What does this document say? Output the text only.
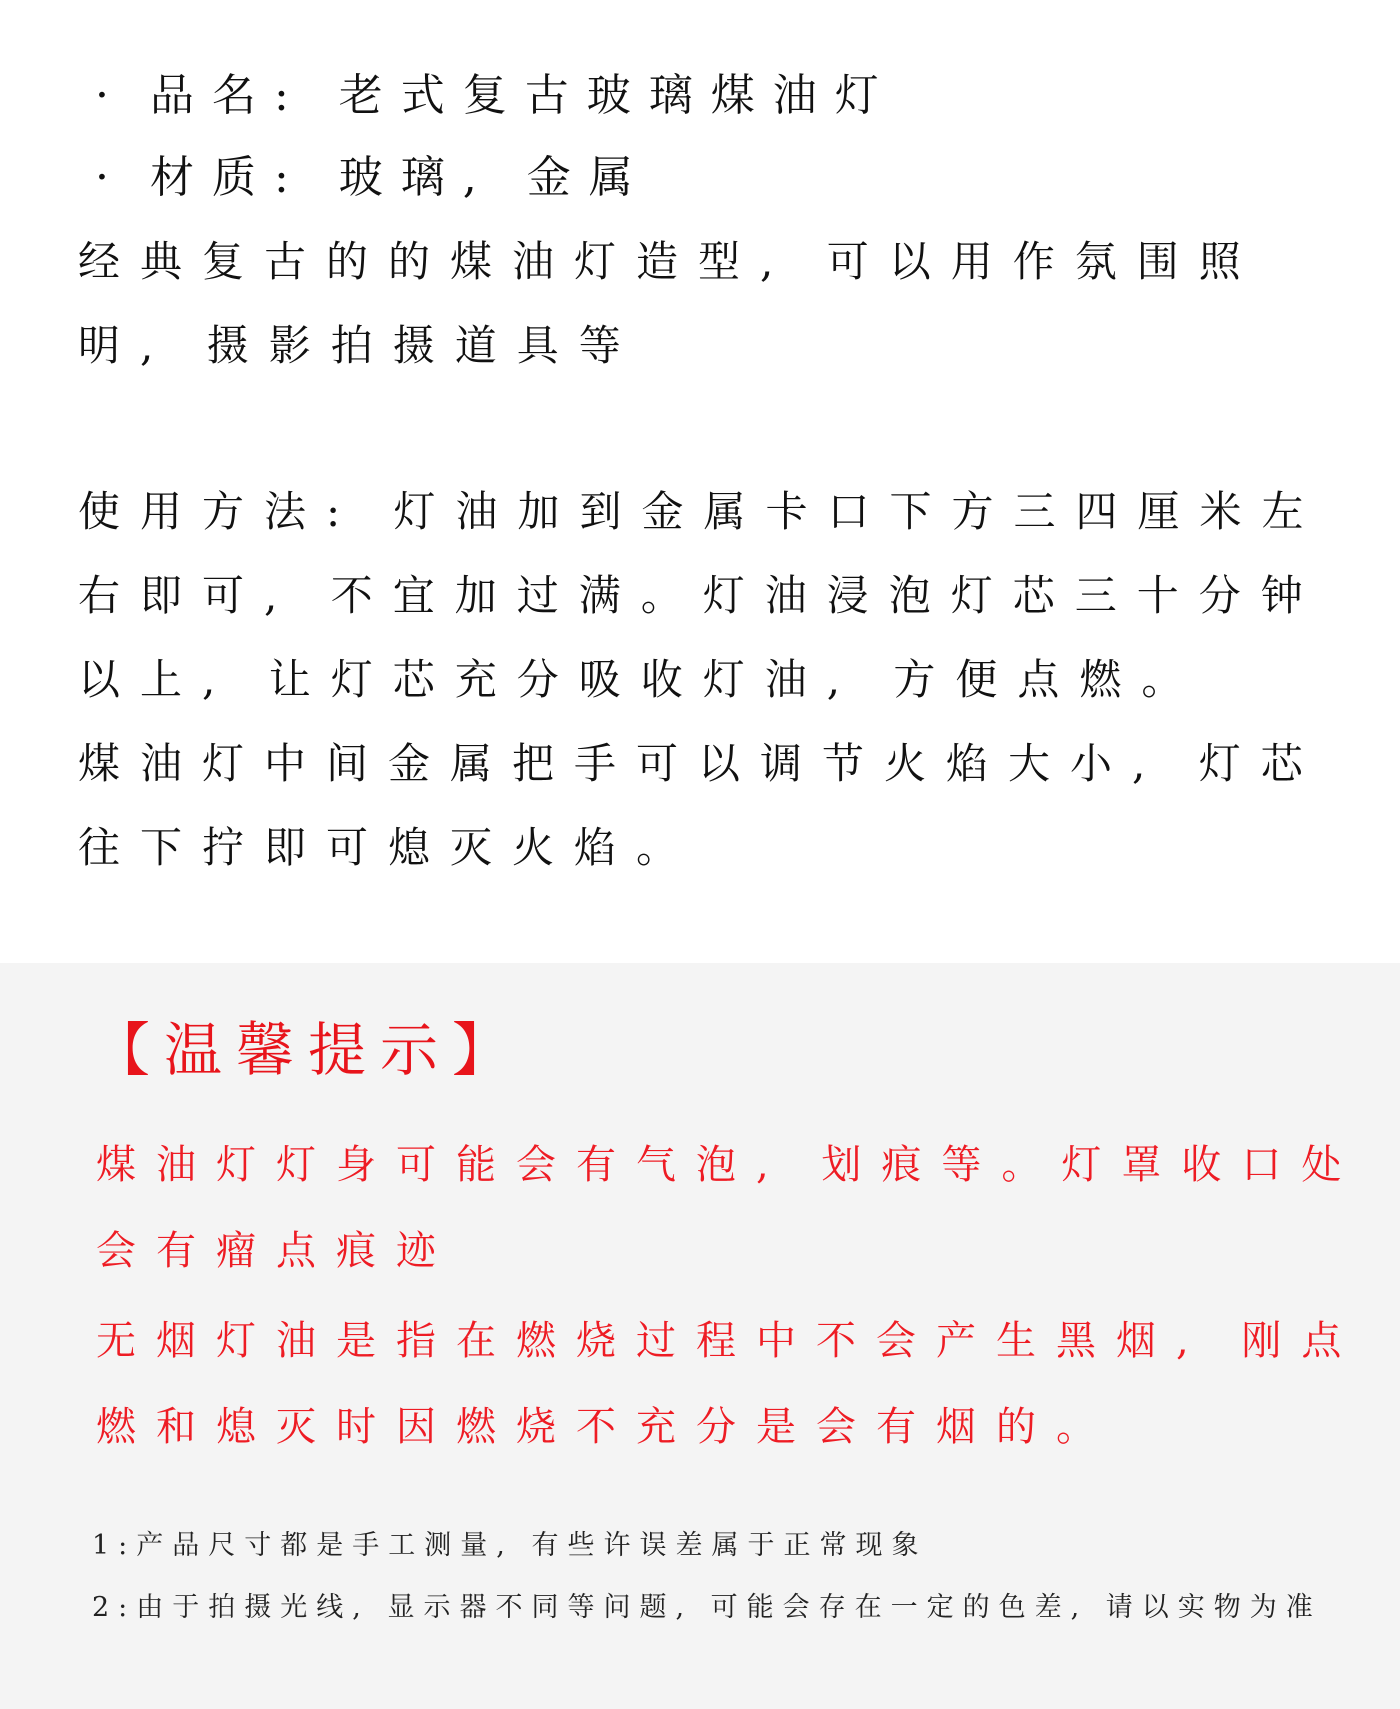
· 品名: 老式复古玻璃煤油灯
· 材质: 玻璃, 金属
经典复古的的煤油灯造型, 可以用作氛围照明, 摄影拍摄道具等
使用方法: 灯油加到金属卡口下方三四厘米左右即可, 不宜加过满。灯油浸泡灯芯三十分钟以上, 让灯芯充分吸收灯油, 方便点燃。
煤油灯中间金属把手可以调节火焰大小, 灯芯往下拧即可熄灭火焰。
【温馨提示】
煤油灯灯身可能会有气泡, 划痕等。灯罩收口处会有瘤点痕迹
无烟灯油是指在燃烧过程中不会产生黑烟, 刚点燃和熄灭时因燃烧不充分是会有烟的。
1:产品尺寸都是手工测量, 有些许误差属于正常现象
2:由于拍摄光线, 显示器不同等问题, 可能会存在一定的色差, 请以实物为准
